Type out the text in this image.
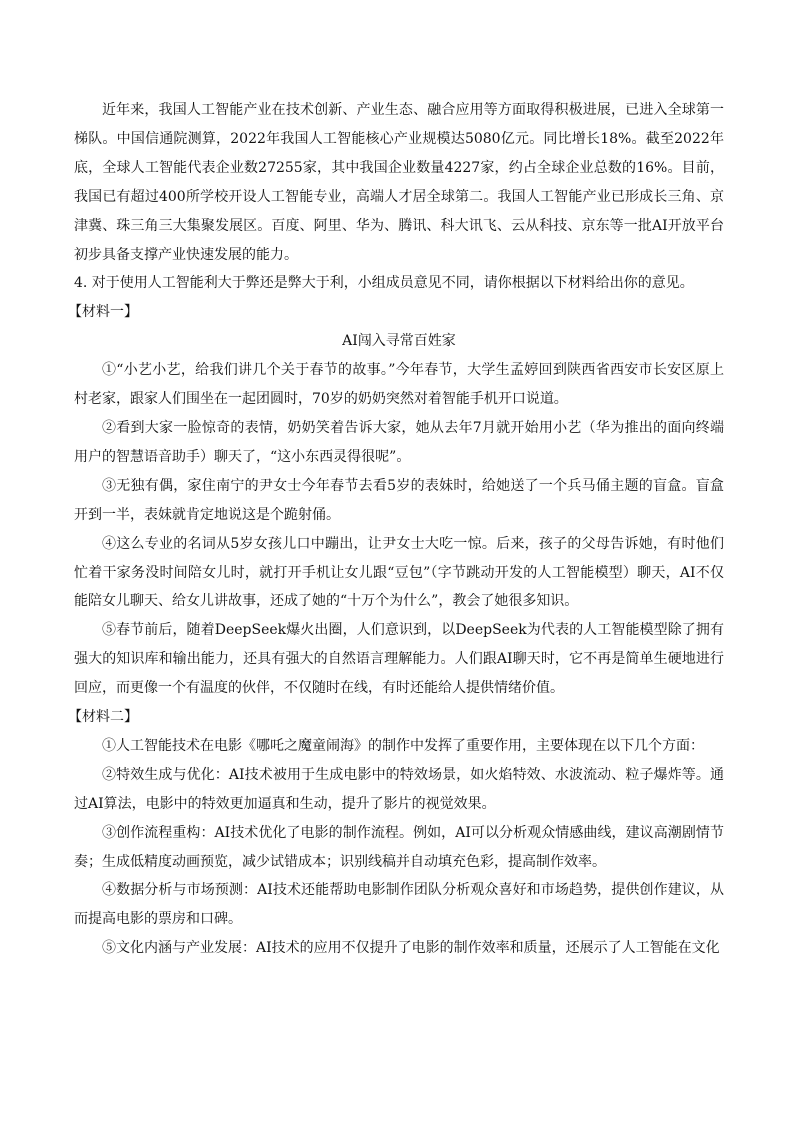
近年来，我国人工智能产业在技术创新、产业生态、融合应用等方面取得积极进展，已进入全球第一梯队。中国信通院测算，2022年我国人工智能核心产业规模达5080亿元。同比增长18%。截至2022年底，全球人工智能代表企业数27255家，其中我国企业数量4227家，约占全球企业总数的16%。目前，我国已有超过400所学校开设人工智能专业，高端人才居全球第二。我国人工智能产业已形成长三角、京津冀、珠三角三大集聚发展区。百度、阿里、华为、腾讯、科大讯飞、云从科技、京东等一批AI开放平台初步具备支撑产业快速发展的能力。

4. 对于使用人工智能利大于弊还是弊大于利，小组成员意见不同，请你根据以下材料给出你的意见。

【材料一】

AI闯入寻常百姓家

①“小艺小艺，给我们讲几个关于春节的故事。”今年春节，大学生孟婷回到陕西省西安市长安区原上村老家，跟家人们围坐在一起团圆时，70岁的奶奶突然对着智能手机开口说道。

②看到大家一脸惊奇的表情，奶奶笑着告诉大家，她从去年7月就开始用小艺（华为推出的面向终端用户的智慧语音助手）聊天了，“这小东西灵得很呢”。

③无独有偶，家住南宁的尹女士今年春节去看5岁的表妹时，给她送了一个兵马俑主题的盲盒。盲盒开到一半，表妹就肯定地说这是个跪射俑。

④这么专业的名词从5岁女孩儿口中蹦出，让尹女士大吃一惊。后来，孩子的父母告诉她，有时他们忙着干家务没时间陪女儿时，就打开手机让女儿跟“豆包”（字节跳动开发的人工智能模型）聊天，AI不仅能陪女儿聊天、给女儿讲故事，还成了她的“十万个为什么”，教会了她很多知识。

⑤春节前后，随着DeepSeek爆火出圈，人们意识到，以DeepSeek为代表的人工智能模型除了拥有强大的知识库和输出能力，还具有强大的自然语言理解能力。人们跟AI聊天时，它不再是简单生硬地进行回应，而更像一个有温度的伙伴，不仅随时在线，有时还能给人提供情绪价值。

【材料二】

①人工智能技术在电影《哪吒之魔童闹海》的制作中发挥了重要作用，主要体现在以下几个方面：

②特效生成与优化：AI技术被用于生成电影中的特效场景，如火焰特效、水波流动、粒子爆炸等。通过AI算法，电影中的特效更加逼真和生动，提升了影片的视觉效果。

③创作流程重构：AI技术优化了电影的制作流程。例如，AI可以分析观众情感曲线，建议高潮剧情节奏；生成低精度动画预览，减少试错成本；识别线稿并自动填充色彩，提高制作效率。

④数据分析与市场预测：AI技术还能帮助电影制作团队分析观众喜好和市场趋势，提供创作建议，从而提高电影的票房和口碑。

⑤文化内涵与产业发展：AI技术的应用不仅提升了电影的制作效率和质量，还展示了人工智能在文化
